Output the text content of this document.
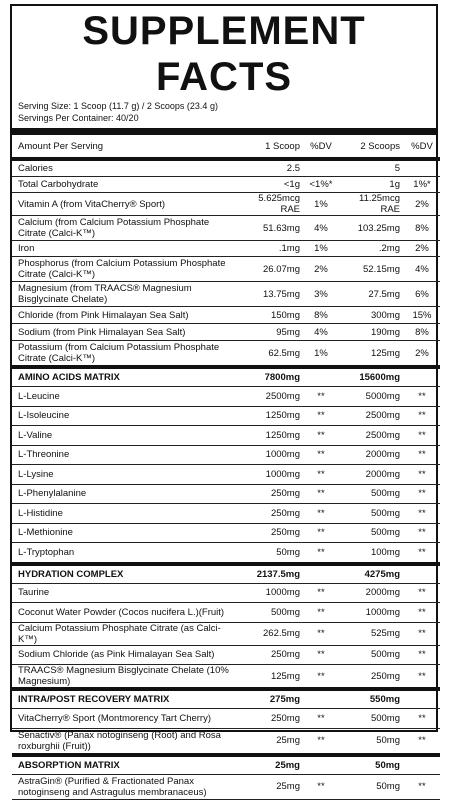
SUPPLEMENT FACTS
Serving Size: 1 Scoop (11.7 g) / 2 Scoops (23.4 g)
Servings Per Container: 40/20
Amount Per Serving	1 Scoop	%DV	2 Scoops	%DV
Calories	2.5		5	
Total Carbohydrate	<1g	<1%*	1g	1%*
Vitamin A (from VitaCherry® Sport)	5.625mcg RAE	1%	11.25mcg RAE	2%
Calcium (from Calcium Potassium Phosphate Citrate (Calci-K™)	51.63mg	4%	103.25mg	8%
Iron	.1mg	1%	.2mg	2%
Phosphorus (from Calcium Potassium Phosphate Citrate (Calci-K™)	26.07mg	2%	52.15mg	4%
Magnesium (from TRAACS® Magnesium Bisglycinate Chelate)	13.75mg	3%	27.5mg	6%
Chloride (from Pink Himalayan Sea Salt)	150mg	8%	300mg	15%
Sodium (from Pink Himalayan Sea Salt)	95mg	4%	190mg	8%
Potassium (from Calcium Potassium Phosphate Citrate (Calci-K™)	62.5mg	1%	125mg	2%
AMINO ACIDS MATRIX	7800mg		15600mg	
L-Leucine	2500mg	**	5000mg	**
L-Isoleucine	1250mg	**	2500mg	**
L-Valine	1250mg	**	2500mg	**
L-Threonine	1000mg	**	2000mg	**
L-Lysine	1000mg	**	2000mg	**
L-Phenylalanine	250mg	**	500mg	**
L-Histidine	250mg	**	500mg	**
L-Methionine	250mg	**	500mg	**
L-Tryptophan	50mg	**	100mg	**
HYDRATION COMPLEX	2137.5mg		4275mg	
Taurine	1000mg	**	2000mg	**
Coconut Water Powder (Cocos nucifera L.)(Fruit)	500mg	**	1000mg	**
Calcium Potassium Phosphate Citrate (as Calci-K™)	262.5mg	**	525mg	**
Sodium Chloride (as Pink Himalayan Sea Salt)	250mg	**	500mg	**
TRAACS® Magnesium Bisglycinate Chelate (10% Magnesium)	125mg	**	250mg	**
INTRA/POST RECOVERY MATRIX	275mg		550mg	
VitaCherry® Sport (Montmorency Tart Cherry)	250mg	**	500mg	**
Senactiv® (Panax notoginseng (Root) and Rosa roxburghii (Fruit))	25mg	**	50mg	**
ABSORPTION MATRIX	25mg		50mg	
AstraGin® (Purified & Fractionated Panax notoginseng and Astragulus membranaceus)	25mg	**	50mg	**
